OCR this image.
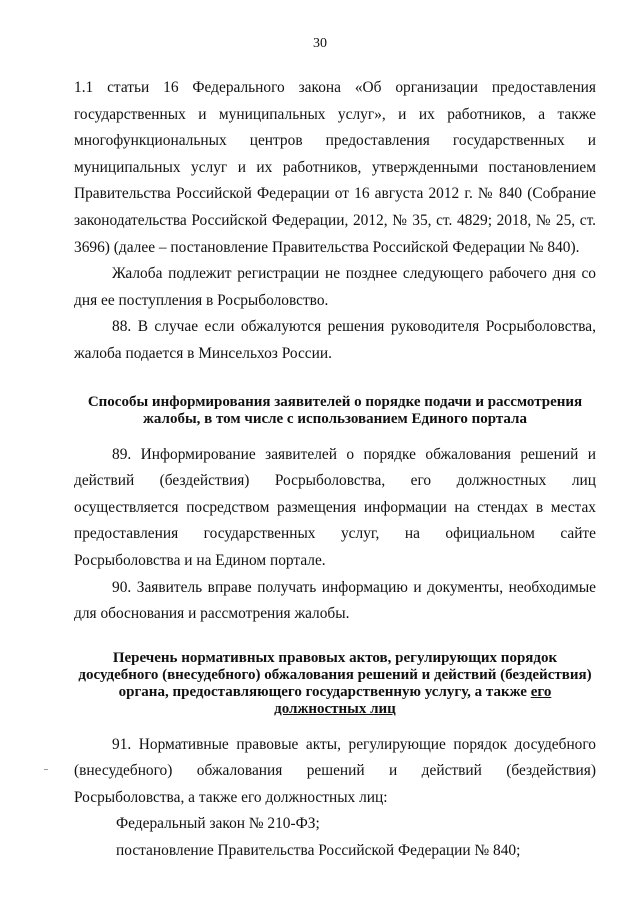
30

1.1 статьи 16 Федерального закона «Об организации предоставления государственных и муниципальных услуг», и их работников, а также многофункциональных центров предоставления государственных и муниципальных услуг и их работников, утвержденными постановлением Правительства Российской Федерации от 16 августа 2012 г. № 840 (Собрание законодательства Российской Федерации, 2012, № 35, ст. 4829; 2018, № 25, ст. 3696) (далее – постановление Правительства Российской Федерации № 840).

Жалоба подлежит регистрации не позднее следующего рабочего дня со дня ее поступления в Росрыболовство.

88. В случае если обжалуются решения руководителя Росрыболовства, жалоба подается в Минсельхоз России.

Способы информирования заявителей о порядке подачи и рассмотрения жалобы, в том числе с использованием Единого портала

89. Информирование заявителей о порядке обжалования решений и действий (бездействия) Росрыболовства, его должностных лиц осуществляется посредством размещения информации на стендах в местах предоставления государственных услуг, на официальном сайте Росрыболовства и на Едином портале.

90. Заявитель вправе получать информацию и документы, необходимые для обоснования и рассмотрения жалобы.

Перечень нормативных правовых актов, регулирующих порядок досудебного (внесудебного) обжалования решений и действий (бездействия) органа, предоставляющего государственную услугу, а также его должностных лиц

91. Нормативные правовые акты, регулирующие порядок досудебного (внесудебного) обжалования решений и действий (бездействия) Росрыболовства, а также его должностных лиц:

Федеральный закон № 210-ФЗ;

постановление Правительства Российской Федерации № 840;
